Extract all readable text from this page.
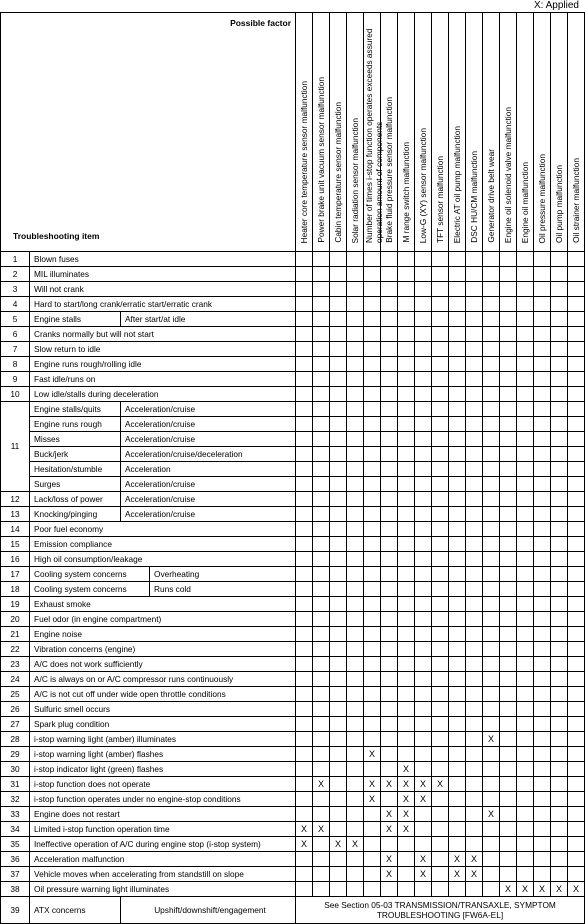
X: Applied
Possible factor
Troubleshooting item				Heater core temperature sensor malfunction	Power brake unit vacuum sensor malfunction	Cabin temperature sensor malfunction	Solar radiation sensor malfunction	Number of times i-stop function operates exceeds assured operation amount of components	Brake fluid pressure sensor malfunction	M range switch malfunction	Low-G (XY) sensor malfunction	TFT sensor malfunction	Electric AT oil pump malfunction	DSC HU/CM malfunction	Generator drive belt wear	Engine oil solenoid valve malfunction	Engine oil malfunction	Oil pressure malfunction	Oil pump malfunction	Oil strainer malfunction
1	Blown fuses																			
2	MIL illuminates																			
3	Will not crank																			
4	Hard to start/long crank/erratic start/erratic crank																			
5	Engine stalls	After start/at idle																		
6	Cranks normally but will not start																			
7	Slow return to idle																			
8	Engine runs rough/rolling idle																			
9	Fast idle/runs on																			
10	Low idle/stalls during deceleration																			
11	Engine stalls/quits	Acceleration/cruise																		
	Engine runs rough	Acceleration/cruise																		
	Misses	Acceleration/cruise																		
	Buck/jerk	Acceleration/cruise/deceleration																		
	Hesitation/stumble	Acceleration																		
	Surges	Acceleration/cruise																		
12	Lack/loss of power	Acceleration/cruise																		
13	Knocking/pinging	Acceleration/cruise																		
14	Poor fuel economy																			
15	Emission compliance																			
16	High oil consumption/leakage																			
17	Cooling system concerns		Overheating																	
18	Cooling system concerns		Runs cold																	
19	Exhaust smoke																			
20	Fuel odor (in engine compartment)																			
21	Engine noise																			
22	Vibration concerns (engine)																			
23	A/C does not work sufficiently																			
24	A/C is always on or A/C compressor runs continuously																			
25	A/C is not cut off under wide open throttle conditions																			
26	Sulfuric smell occurs																			
27	Spark plug condition																			
28	i-stop warning light (amber) illuminates														X					
29	i-stop warning light (amber) flashes							X												
30	i-stop indicator light (green) flashes									X										
31	i-stop function does not operate				X			X	X	X	X	X								
32	i-stop function operates under no engine-stop conditions							X		X	X									
33	Engine does not restart								X	X					X					
34	Limited i-stop function operation time			X	X				X	X										
35	Ineffective operation of A/C during engine stop (i-stop system)			X		X	X													
36	Acceleration malfunction								X		X		X	X						
37	Vehicle moves when accelerating from standstill on slope								X		X		X	X						
38	Oil pressure warning light illuminates															X	X	X	X	X
39	ATX concerns	Upshift/downshift/engagement		See Section 05-03 TRANSMISSION/TRANSAXLE, SYMPTOM TROUBLESHOOTING [FW6A-EL]																
